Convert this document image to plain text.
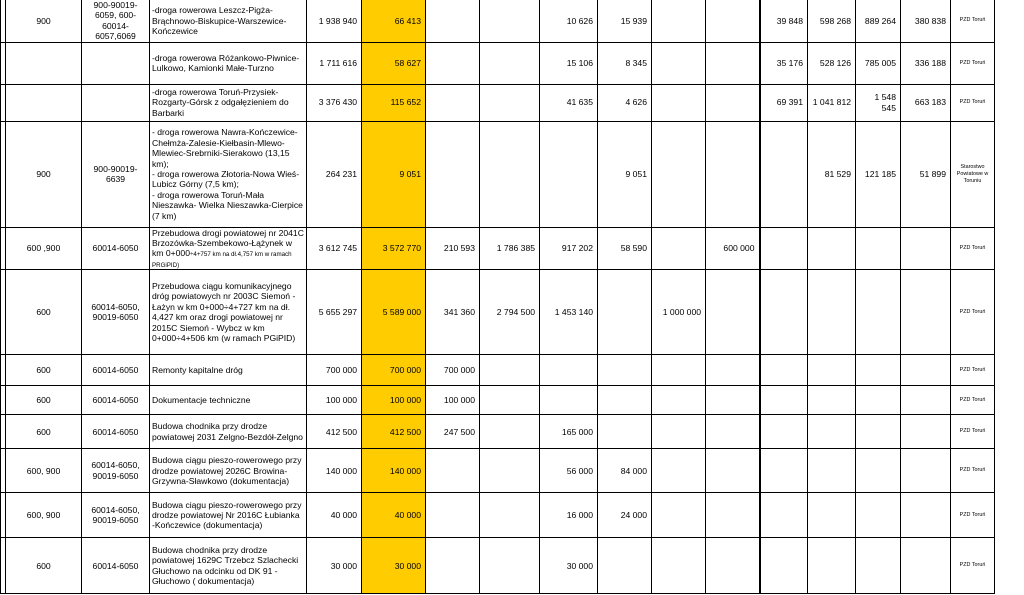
	900	900-90019-6059, 600-60014-6057,6069	-droga rowerowa Leszcz-Pigża-Brąchnowo-Biskupice-Warszewice-Kończewice	1 938 940	66 413			10 626	15 939			39 848	598 268	889 264	380 838	PZD Toruń
			-droga rowerowa Różankowo-Piwnice-Lulkowo, Kamionki Małe-Turzno	1 711 616	58 627			15 106	8 345			35 176	528 126	785 005	336 188	PZD Toruń
			-droga rowerowa Toruń-Przysiek-Rozgarty-Górsk z odgałęzieniem do Barbarki	3 376 430	115 652			41 635	4 626			69 391	1 041 812	1 548 545	663 183	PZD Toruń
	900	900-90019-6639	- droga rowerowa Nawra-Kończewice-Chełmża-Zalesie-Kiełbasin-Mlewo-Mlewiec-Srebrniki-Sierakowo (13,15 km);
- droga rowerowa Złotoria-Nowa Wieś-Lubicz Górny (7,5 km);
- droga rowerowa Toruń-Mała Nieszawka- Wielka Nieszawka-Cierpice (7 km)	264 231	9 051				9 051				81 529	121 185	51 899	Starostwo Powiatowe w Toruniu
	600 ,900	60014-6050	Przebudowa drogi powiatowej nr 2041C Brzozówka-Szembekowo-Łążynek w km 0+000÷4+757 km na dł.4,757 km w ramach PRGiPID)	3 612 745	3 572 770	210 593	1 786 385	917 202	58 590		600 000					PZD Toruń
	600	60014-6050, 90019-6050	Przebudowa ciągu komunikacyjnego dróg powiatowych nr 2003C Siemoń - Łażyn w km 0+000÷4+727 km na dł. 4,427 km oraz drogi powiatowej nr 2015C Siemoń - Wybcz w km 0+000÷4+506 km (w ramach PGiPID)	5 655 297	5 589 000	341 360	2 794 500	1 453 140		1 000 000						PZD Toruń
	600	60014-6050	Remonty kapitalne dróg	700 000	700 000	700 000										PZD Toruń
	600	60014-6050	Dokumentacje techniczne	100 000	100 000	100 000										PZD Toruń
	600	60014-6050	Budowa chodnika przy drodze powiatowej 2031 Zelgno-Bezdół-Zelgno	412 500	412 500	247 500		165 000								PZD Toruń
	600, 900	60014-6050, 90019-6050	Budowa ciągu pieszo-rowerowego przy drodze powiatowej 2026C Browina- Grzywna-Sławkowo (dokumentacja)	140 000	140 000			56 000	84 000							PZD Toruń
	600, 900	60014-6050, 90019-6050	Budowa ciągu pieszo-rowerowego przy drodze powiatowej Nr 2016C Łubianka -Kończewice (dokumentacja)	40 000	40 000			16 000	24 000							PZD Toruń
	600	60014-6050	Budowa chodnika przy drodze powiatowej 1629C Trzebcz Szlachecki Głuchowo na odcinku od DK 91 - Głuchowo ( dokumentacja)	30 000	30 000			30 000								PZD Toruń
